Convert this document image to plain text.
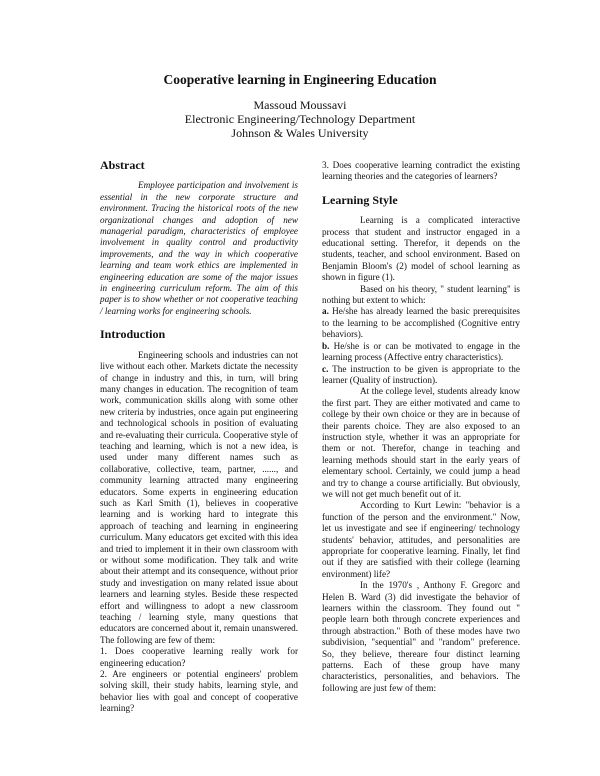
Cooperative learning in Engineering Education
Massoud Moussavi
Electronic Engineering/Technology Department
Johnson & Wales University
Abstract

Employee participation and involvement is essential in the new corporate structure and environment. Tracing the historical roots of the new organizational changes and adoption of new managerial paradigm, characteristics of employee involvement in quality control and productivity improvements, and the way in which cooperative learning and team work ethics are implemented in engineering education are some of the major issues in engineering curriculum reform. The aim of this paper is to show whether or not cooperative teaching / learning works for engineering schools.

Introduction

Engineering schools and industries can not live without each other. Markets dictate the necessity of change in industry and this, in turn, will bring many changes in education. The recognition of team work, communication skills along with some other new criteria by industries, once again put engineering and technological schools in position of evaluating and re-evaluating their curricula. Cooperative style of teaching and learning, which is not a new idea, is used under many different names such as collaborative, collective, team, partner, ......, and community learning attracted many engineering educators. Some experts in engineering education such as Karl Smith (1), believes in cooperative learning and is working hard to integrate this approach of teaching and learning in engineering curriculum. Many educators get excited with this idea and tried to implement it in their own classroom with or without some modification. They talk and write about their attempt and its consequence, without prior study and investigation on many related issue about learners and learning styles. Beside these respected effort and willingness to adopt a new classroom teaching / learning style, many questions that educators are concerned about it, remain unanswered. The following are few of them:

1. Does cooperative learning really work for engineering education?

2. Are engineers or potential engineers' problem solving skill, their study habits, learning style, and behavior lies with goal and concept of cooperative learning?

3. Does cooperative learning contradict the existing learning theories and the categories of learners?

Learning Style

Learning is a complicated interactive process that student and instructor engaged in a educational setting. Therefor, it depends on the students, teacher, and school environment. Based on Benjamin Bloom's (2) model of school learning as shown in figure (1).

Based on his theory, " student learning" is nothing but extent to which:

a. He/she has already learned the basic prerequisites to the learning to be accomplished (Cognitive entry behaviors).

b. He/she is or can be motivated to engage in the learning process (Affective entry characteristics).

c. The instruction to be given is appropriate to the learner (Quality of instruction).

At the college level, students already know the first part. They are either motivated and came to college by their own choice or they are in because of their parents choice. They are also exposed to an instruction style, whether it was an appropriate for them or not. Therefor, change in teaching and learning methods should start in the early years of elementary school. Certainly, we could jump a head and try to change a course artificially. But obviously, we will not get much benefit out of it.

According to Kurt Lewin: "behavior is a function of the person and the environment." Now, let us investigate and see if engineering/ technology students' behavior, attitudes, and personalities are appropriate for cooperative learning. Finally, let find out if they are satisfied with their college (learning environment) life?

In the 1970's , Anthony F. Gregorc and Helen B. Ward (3) did investigate the behavior of learners within the classroom. They found out " people learn both through concrete experiences and through abstraction." Both of these modes have two subdivision, "sequential" and "random" preference. So, they believe, thereare four distinct learning patterns. Each of these group have many characteristics, personalities, and behaviors. The following are just few of them:
